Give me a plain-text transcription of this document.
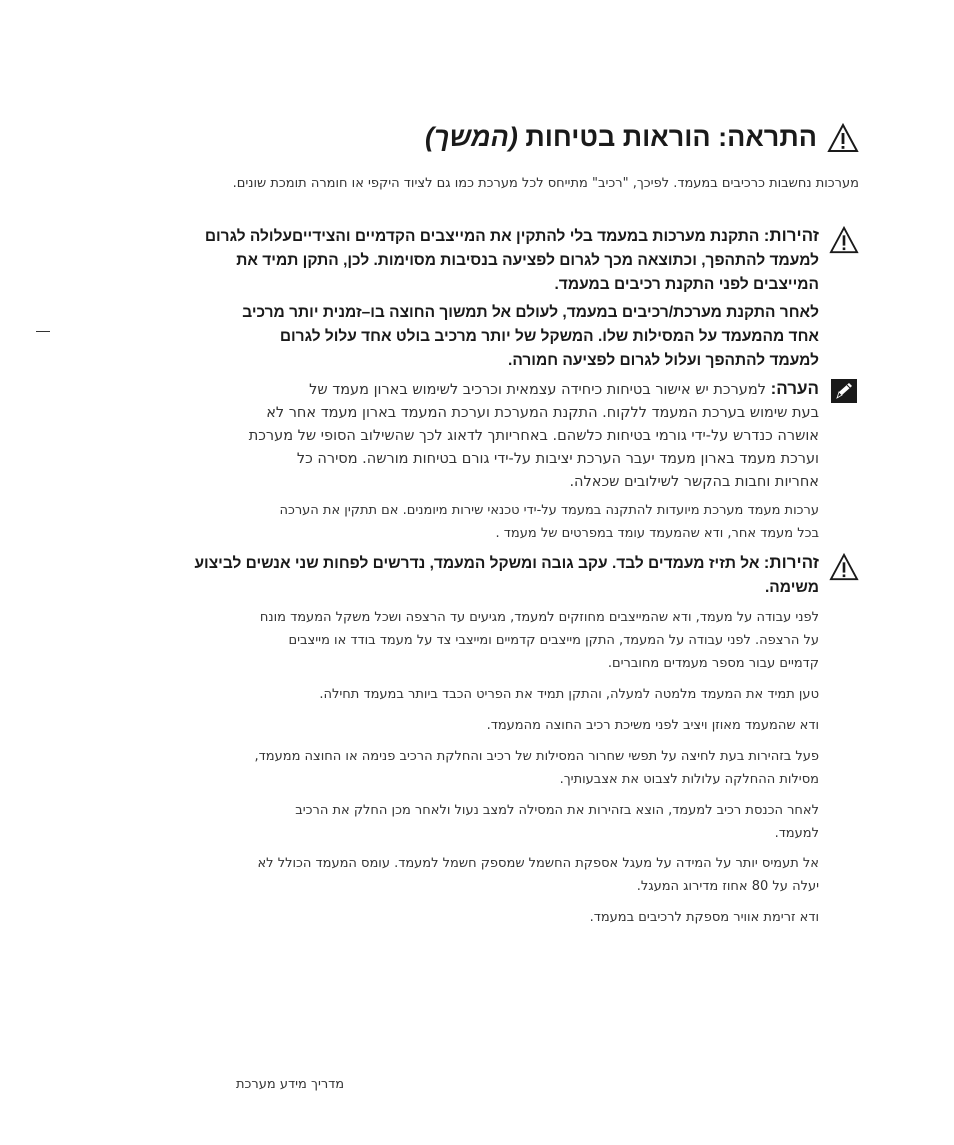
התראה: הוראות בטיחות (המשך)
מערכות נחשבות כרכיבים במעמד. לפיכך, "רכיב" מתייחס לכל מערכת כמו גם לציוד היקפי או חומרה תומכת שונים.
זהירות: התקנת מערכות במעמד בלי להתקין את המייצבים הקדמיים והצידייםעלולה לגרום למעמד להתהפך, וכתוצאה מכך לגרום לפציעה בנסיבות מסוימות. לכן, התקן תמיד את המייצבים לפני התקנת רכיבים במעמד.
לאחר התקנת מערכת/רכיבים במעמד, לעולם אל תמשוך החוצה בו–זמנית יותר מרכיב אחד מהמעמד על המסילות שלו. המשקל של יותר מרכיב בולט אחד עלול לגרום למעמד להתהפך ועלול לגרום לפציעה חמורה.
הערה: למערכת יש אישור בטיחות כיחידה עצמאית וכרכיב לשימוש בארון מעמד של
בעת שימוש בערכת המעמד ללקוח. התקנת המערכת וערכת המעמד בארון מעמד אחר לא
אושרה כנדרש על-ידי גורמי בטיחות כלשהם. באחריותך לדאוג לכך שהשילוב הסופי של מערכת
וערכת מעמד בארון מעמד יעבר הערכת יציבות על-ידי גורם בטיחות מורשה. מסירה כל
אחריות וחבות בהקשר לשילובים שכאלה.
ערכות מעמד מערכת מיועדות להתקנה במעמד על-ידי טכנאי שירות מיומנים. אם תתקין את הערכה
בכל מעמד אחר, ודא שהמעמד עומד במפרטים של מעמד .
זהירות: אל תזיז מעמדים לבד. עקב גובה ומשקל המעמד, נדרשים לפחות שני אנשים לביצוע משימה.
לפני עבודה על מעמד, ודא שהמייצבים מחוזקים למעמד, מגיעים עד הרצפה ושכל משקל המעמד מונח
על הרצפה. לפני עבודה על המעמד, התקן מייצבים קדמיים ומייצבי צד על מעמד בודד או מייצבים
קדמיים עבור מספר מעמדים מחוברים.
טען תמיד את המעמד מלמטה למעלה, והתקן תמיד את הפריט הכבד ביותר במעמד תחילה.
ודא שהמעמד מאוזן ויציב לפני משיכת רכיב החוצה מהמעמד.
פעל בזהירות בעת לחיצה על תפשי שחרור המסילות של רכיב והחלקת הרכיב פנימה או החוצה ממעמד,
מסילות ההחלקה עלולות לצבוט את אצבעותיך.
לאחר הכנסת רכיב למעמד, הוצא בזהירות את המסילה למצב נעול ולאחר מכן החלק את הרכיב
למעמד.
אל תעמיס יותר על המידה על מעגל אספקת החשמל שמספק חשמל למעמד. עומס המעמד הכולל לא
יעלה על 80 אחוז מדירוג המעגל.
ודא זרימת אוויר מספקת לרכיבים במעמד.
מדריך מידע מערכת
